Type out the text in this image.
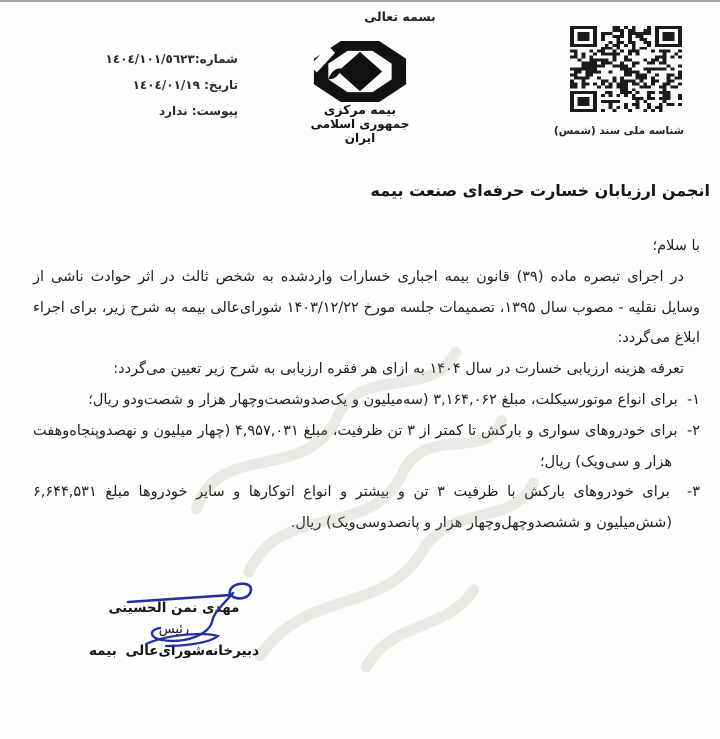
بسمه تعالی
شماره:١٤٠٤/١٠١/٥٦٢٣
تاریخ: ١٤٠٤/٠١/١٩
پیوست: ندارد	بیمه مرکزی
جمهوری اسلامی ایران	شناسه ملی سند (شمس)
انجمن ارزیابان خسارت حرفه‌ای صنعت بیمه

با سلام؛

در اجرای تبصره ماده (۳۹) قانون بیمه اجباری خسارات واردشده به شخص ثالث در اثر حوادث ناشی از وسایل نقلیه - مصوب سال ۱۳۹۵، تصمیمات جلسه مورخ ۱۴۰۳/۱۲/۲۲ شورای‌عالی بیمه به شرح زیر، برای اجراء ابلاغ می‌گردد:

تعرفه هزینه ارزیابی خسارت در سال ۱۴۰۴ به ازای هر فقره ارزیابی به شرح زیر تعیین می‌گردد:

۱-  برای انواع موتورسیکلت، مبلغ ۳,۱۶۴,۰۶۲ (سه‌میلیون و یک‌صدوشصت‌وچهار هزار و شصت‌ودو ریال؛

۲-  برای خودروهای سواری و بارکش تا کمتر از ۳ تن ظرفیت، مبلغ ۴,۹۵۷,۰۳۱ (چهار میلیون و نهصدوپنجاه‌وهفت هزار و سی‌ویک) ریال؛

۳-  برای خودروهای بارکش با ظرفیت ۳ تن و بیشتر و انواع اتوکارها و سایر خودروها مبلغ ۶,۶۴۴,۵۳۱ (شش‌میلیون و ششصدوچهل‌وچهار هزار و پانصدوسی‌ویک) ریال.

مهدی نمن الحسینی
رئیس
دبیرخانه‌شورای‌عالی بیمه
